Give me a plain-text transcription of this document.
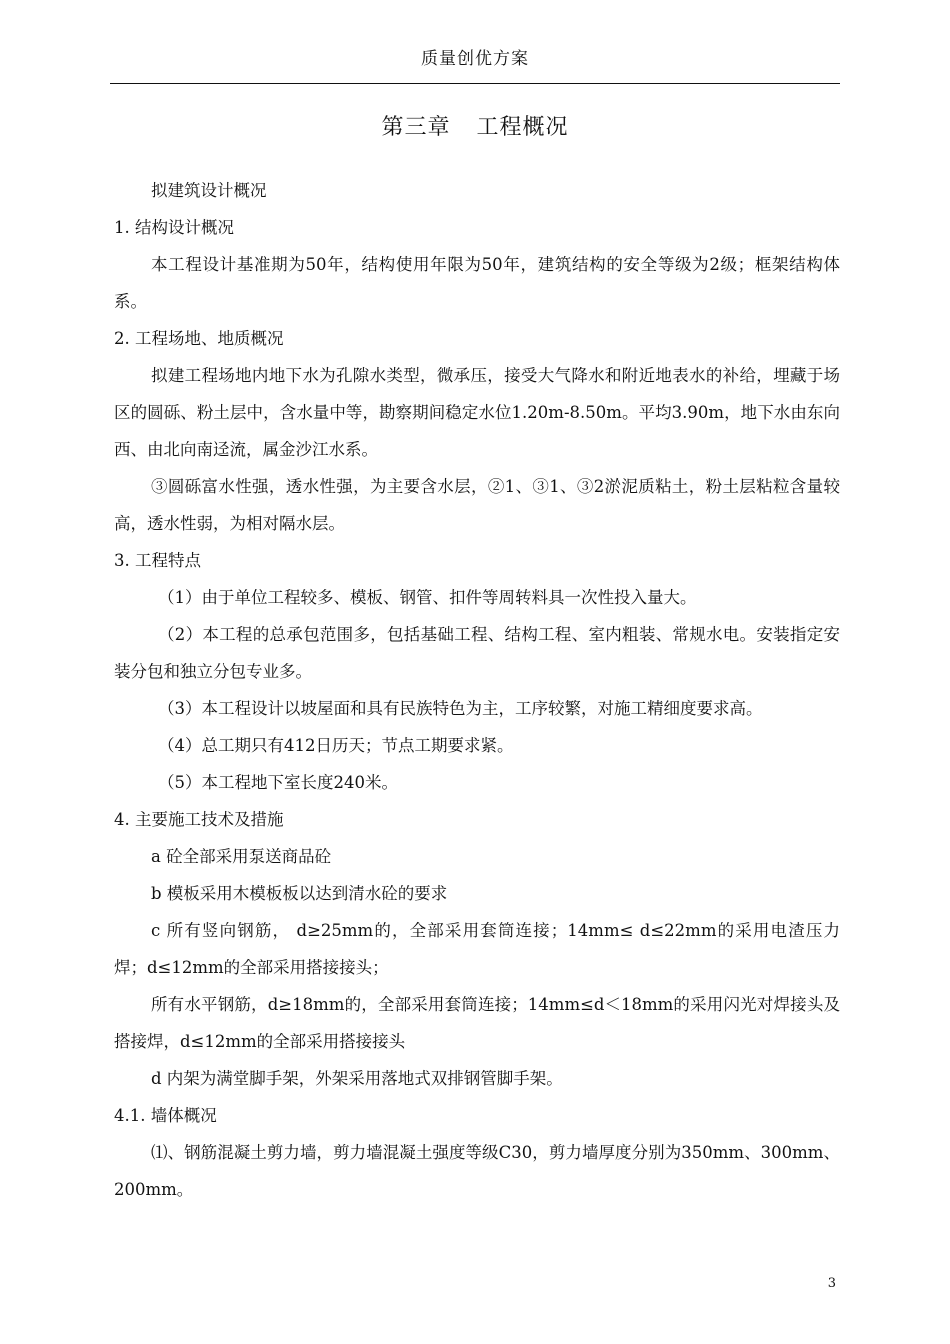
质量创优方案
第三章 工程概况

拟建筑设计概况

1. 结构设计概况

本工程设计基准期为50年，结构使用年限为50年，建筑结构的安全等级为2级；框架结构体系。

2. 工程场地、地质概况

拟建工程场地内地下水为孔隙水类型，微承压，接受大气降水和附近地表水的补给，埋藏于场区的圆砾、粉土层中，含水量中等，勘察期间稳定水位1.20m-8.50m。平均3.90m，地下水由东向西、由北向南迳流，属金沙江水系。

③圆砾富水性强，透水性强，为主要含水层，②1、③1、③2淤泥质粘土，粉土层粘粒含量较高，透水性弱，为相对隔水层。

3. 工程特点

（1）由于单位工程较多、模板、钢管、扣件等周转料具一次性投入量大。

（2）本工程的总承包范围多，包括基础工程、结构工程、室内粗装、常规水电。安装指定安装分包和独立分包专业多。

（3）本工程设计以坡屋面和具有民族特色为主，工序较繁，对施工精细度要求高。

（4）总工期只有412日历天；节点工期要求紧。

（5）本工程地下室长度240米。

4. 主要施工技术及措施

a 砼全部采用泵送商品砼

b 模板采用木模板板以达到清水砼的要求

c 所有竖向钢筋， d≥25mm的，全部采用套筒连接；14mm≤ d≤22mm的采用电渣压力焊；d≤12mm的全部采用搭接接头；

所有水平钢筋，d≥18mm的，全部采用套筒连接；14mm≤d＜18mm的采用闪光对焊接头及搭接焊，d≤12mm的全部采用搭接接头

d 内架为满堂脚手架，外架采用落地式双排钢管脚手架。

4.1. 墙体概况

⑴、钢筋混凝土剪力墙，剪力墙混凝土强度等级C30，剪力墙厚度分别为350mm、300mm、200mm。

3
